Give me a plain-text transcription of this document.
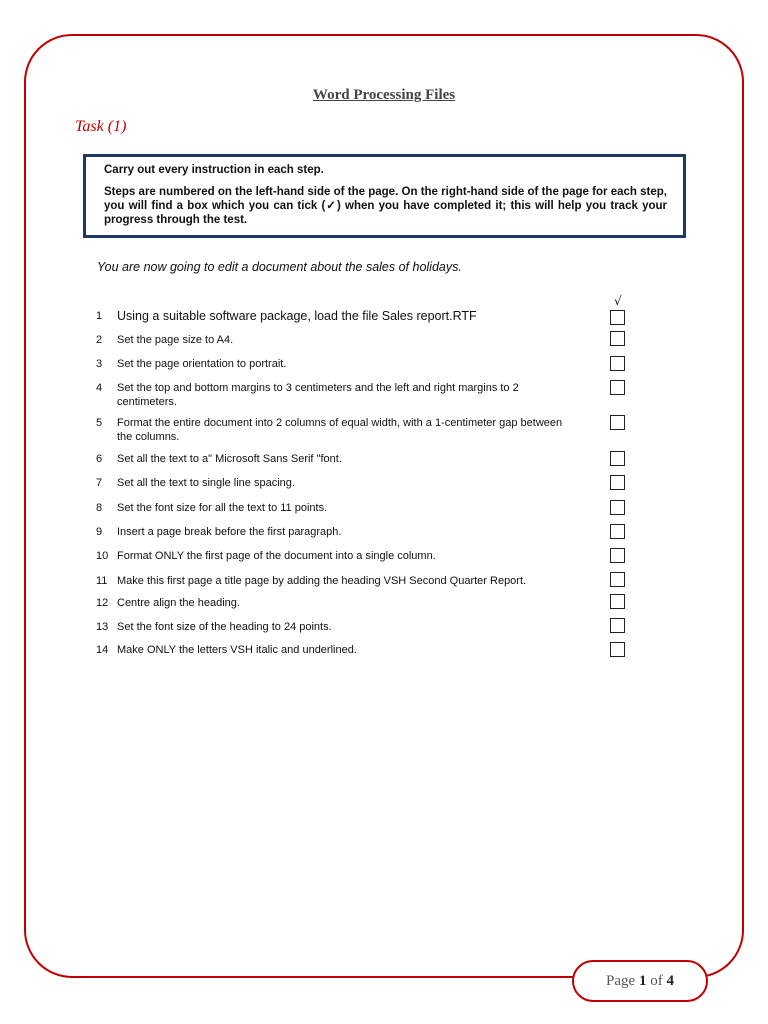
Word Processing Files
Task (1)

Carry out every instruction in each step.

Steps are numbered on the left-hand side of the page. On the right-hand side of the page for each step, you will find a box which you can tick (✓) when you have completed it; this will help you track your progress through the test.

You are now going to edit a document about the sales of holidays.
√
1	Using a suitable software package, load the file Sales report.RTF
2	Set the page size to A4.
3	Set the page orientation to portrait.
4	Set the top and bottom margins to 3 centimeters and the left and right margins to 2 centimeters.
5	Format the entire document into 2 columns of equal width, with a 1-centimeter gap between the columns.
6	Set all the text to a" Microsoft Sans Serif "font.
7	Set all the text to single line spacing.
8	Set the font size for all the text to 11 points.
9	Insert a page break before the first paragraph.
10 Format ONLY the first page of the document into a single column.
11 Make this first page a title page by adding the heading VSH Second Quarter Report.
12 Centre align the heading.
13 Set the font size of the heading to 24 points.
14 Make ONLY the letters VSH italic and underlined.
Page 1 of 4
